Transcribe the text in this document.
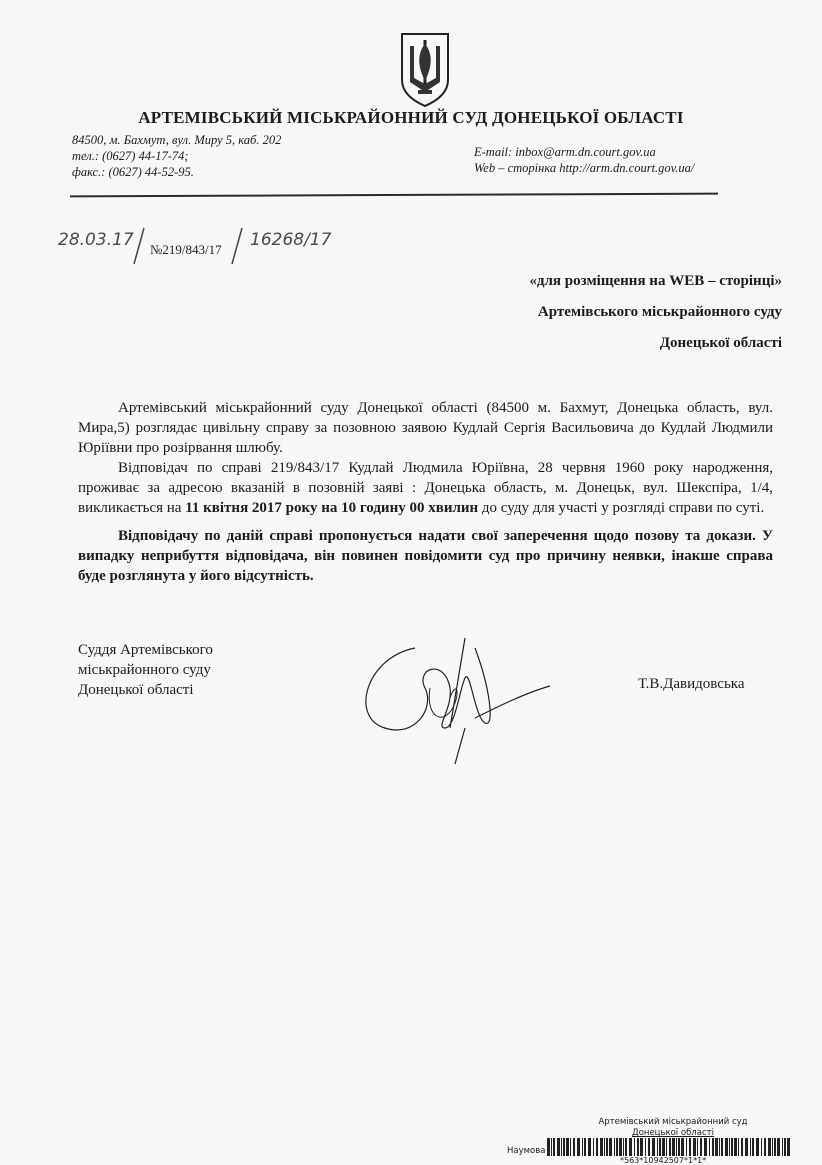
АРТЕМІВСЬКИЙ МІСЬКРАЙОННИЙ СУД ДОНЕЦЬКОЇ ОБЛАСТІ
84500, м. Бахмут, вул. Миру 5, каб. 202
тел.: (0627) 44-17-74;
факс.: (0627) 44-52-95.
E-mail: inbox@arm.dn.court.gov.ua
Web – сторінка http://arm.dn.court.gov.ua/
28.03.17 №219/843/17 16268/17
«для розміщення на WEB – сторінці»
Артемівського міськрайонного суду
Донецької області

Артемівський міськрайонний суду Донецької області (84500 м. Бахмут, Донецька область, вул. Мира,5) розглядає цивільну справу за позовною заявою Кудлай Сергія Васильовича до Кудлай Людмили Юріївни про розірвання шлюбу.

Відповідач по справі 219/843/17 Кудлай Людмила Юріївна, 28 червня 1960 року народження, проживає за адресою вказаній в позовній заяві : Донецька область, м. Донецьк, вул. Шекспіра, 1/4, викликається на 11 квітня 2017 року на 10 годину 00 хвилин до суду для участі у розгляді справи по суті.

Відповідачу по даній справі пропонується надати свої заперечення щодо позову та докази. У випадку неприбуття відповідача, він повинен повідомити суд про причину неявки, інакше справа буде розглянута у його відсутність.

Суддя Артемівського
міськрайонного суду
Донецької області	Т.В.Давидовська
Артемівський міськрайонний суд
Донецької області
Наумова
*563*10942507*1*1*
